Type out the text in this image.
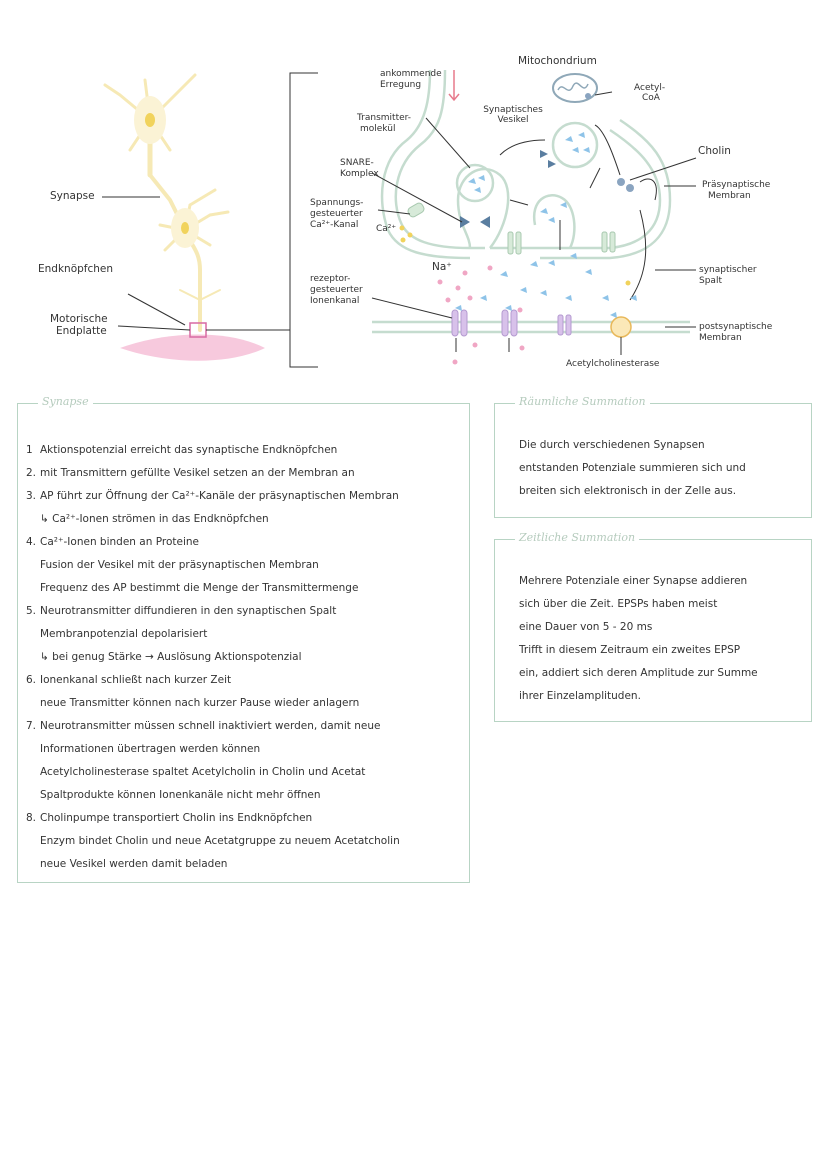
Synapse
Endknöpfchen
Motorische
Endplatte
ankommende
Erregung
Mitochondrium
Acetyl-
CoA
Synaptisches
Vesikel
Transmitter-
molekül
Cholin
SNARE-
Komplex
Präsynaptische
Membran
Spannungs-
gesteuerter
Ca²⁺-Kanal Ca²⁺
Na⁺
rezeptor-
gesteuerter
Ionenkanal
synaptischer
Spalt
postsynaptische
Membran
Acetylcholinesterase
Synapse
1 Aktionspotenzial erreicht das synaptische Endknöpfchen
2. mit Transmittern gefüllte Vesikel setzen an der Membran an
3. AP führt zur Öffnung der Ca²⁺-Kanäle der präsynaptischen Membran
↳ Ca²⁺-Ionen strömen in das Endknöpfchen
4. Ca²⁺-Ionen binden an Proteine
Fusion der Vesikel mit der präsynaptischen Membran
Frequenz des AP bestimmt die Menge der Transmittermenge
5. Neurotransmitter diffundieren in den synaptischen Spalt
Membranpotenzial depolarisiert
↳ bei genug Stärke → Auslösung Aktionspotenzial
6. Ionenkanal schließt nach kurzer Zeit
neue Transmitter können nach kurzer Pause wieder anlagern
7. Neurotransmitter müssen schnell inaktiviert werden, damit neue
Informationen übertragen werden können
Acetylcholinesterase spaltet Acetylcholin in Cholin und Acetat
Spaltprodukte können Ionenkanäle nicht mehr öffnen
8. Cholinpumpe transportiert Cholin ins Endknöpfchen
Enzym bindet Cholin und neue Acetatgruppe zu neuem Acetatcholin
neue Vesikel werden damit beladen
Räumliche Summation
Die durch verschiedenen Synapsen
entstanden Potenziale summieren sich und
breiten sich elektronisch in der Zelle aus.
Zeitliche Summation
Mehrere Potenziale einer Synapse addieren
sich über die Zeit. EPSPs haben meist
eine Dauer von 5 - 20 ms
Trifft in diesem Zeitraum ein zweites EPSP
ein, addiert sich deren Amplitude zur Summe
ihrer Einzelamplituden.
